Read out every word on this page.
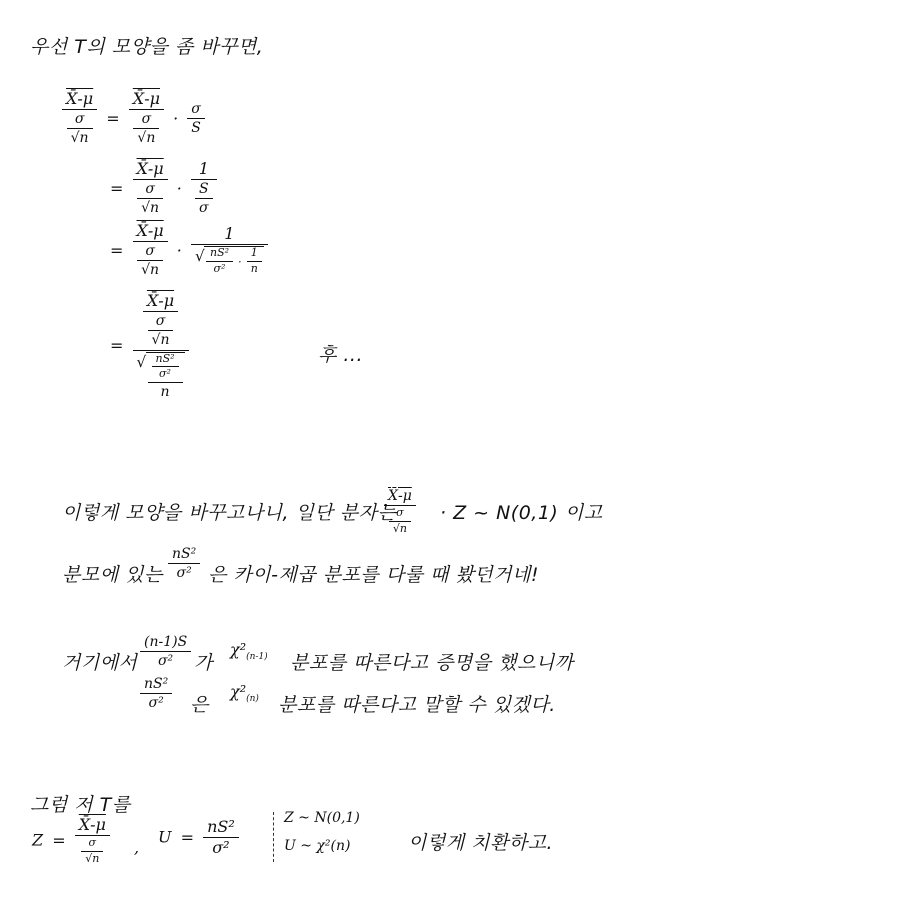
우선 T의 모양을 좀 바꾸면,
$\frac{X̄-\mu}{\frac{\sigma}{√n}} = \frac{X̄-\mu}{\frac{\sigma}{√n}} \cdot \frac{\sigma}{S}$
= $\frac{X̄-\mu}{\frac{\sigma}{√n}} \cdot \frac{1}{\frac{S}{\sigma}}$
= $\frac{X̄-\mu}{\frac{\sigma}{√n}}$ ·
1
√ $\frac{\text{nS²}}{\text{σ²}} \cdot \frac{1}{n}$
= $\frac{X̄-\mu}{\frac{\sigma}{√n}}$
√ $\frac{\frac{\text{nS²}}{\text{σ²}}}{n}$	후 ...
이렇게 모양을 바꾸고나니, 일단 분자는
$\frac{X̄-\mu}{\frac{\sigma}{√n}} \cdot Z$ ~ N(0,1) 이고
분모에 있는 $\frac{\text{nS²}}{\text{σ²}}$ 은 카이-제곱 분포를 다룰 때 봤던거네!
거기에서 $\frac{(n-1)S}{\text{σ²}}$ 가
$\chi^2_{(n-1)}$ 분포를 따른다고 증명을 했으니까
$\frac{\text{nS²}}{\text{σ²}}$ 은
$\chi^2_{(n)}$ 분포를 따른다고 말할 수 있겠다.
그럼 저 T를
$Z = \frac{X̄-\mu}{\frac{\sigma}{√n}}$ ,
$U = \frac{\text{nS²}}{\text{σ²}}$	Z ~ N(0,1)
U ~ χ²(n)	이렇게 치환하고.
